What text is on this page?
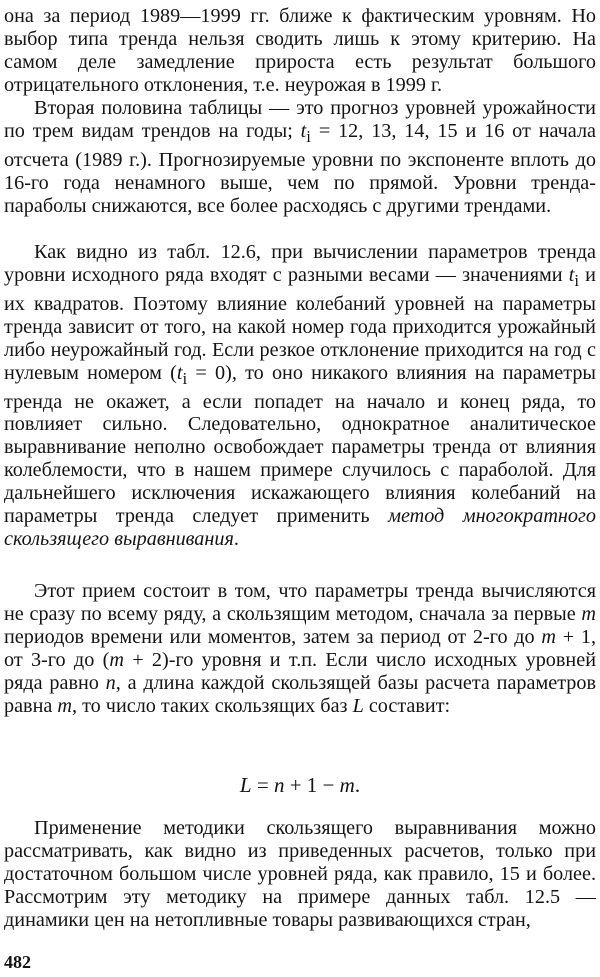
она за период 1989—1999 гг. ближе к фактическим уровням. Но выбор типа тренда нельзя сводить лишь к этому критерию. На самом деле замедление прироста есть результат большого отрицательного отклонения, т.е. неурожая в 1999 г.

Вторая половина таблицы — это прогноз уровней урожайности по трем видам трендов на годы; $t_i = 12$, 13, 14, 15 и 16 от начала отсчета (1989 г.). Прогнозируемые уровни по экспоненте вплоть до 16-го года ненамного выше, чем по прямой. Уровни тренда-параболы снижаются, все более расходясь с другими трендами.

Как видно из табл. 12.6, при вычислении параметров тренда уровни исходного ряда входят с разными весами — значениями $t_i$ и их квадратов. Поэтому влияние колебаний уровней на параметры тренда зависит от того, на какой номер года приходится урожайный либо неурожайный год. Если резкое отклонение приходится на год с нулевым номером $(t_i = 0)$, то оно никакого влияния на параметры тренда не окажет, а если попадет на начало и конец ряда, то повлияет сильно. Следовательно, однократное аналитическое выравнивание неполно освобождает параметры тренда от влияния колеблемости, что в нашем примере случилось с параболой. Для дальнейшего исключения искажающего влияния колебаний на параметры тренда следует применить метод многократного скользящего выравнивания.

Этот прием состоит в том, что параметры тренда вычисляются не сразу по всему ряду, а скользящим методом, сначала за первые m периодов времени или моментов, затем за период от 2-го до m + 1, от 3-го до (m + 2)-го уровня и т.п. Если число исходных уровней ряда равно n, а длина каждой скользящей базы расчета параметров равна m, то число таких скользящих баз L составит:

L = n + 1 − m.

Применение методики скользящего выравнивания можно рассматривать, как видно из приведенных расчетов, только при достаточном большом числе уровней ряда, как правило, 15 и более. Рассмотрим эту методику на примере данных табл. 12.5 — динамики цен на нетопливные товары развивающихся стран,

482
